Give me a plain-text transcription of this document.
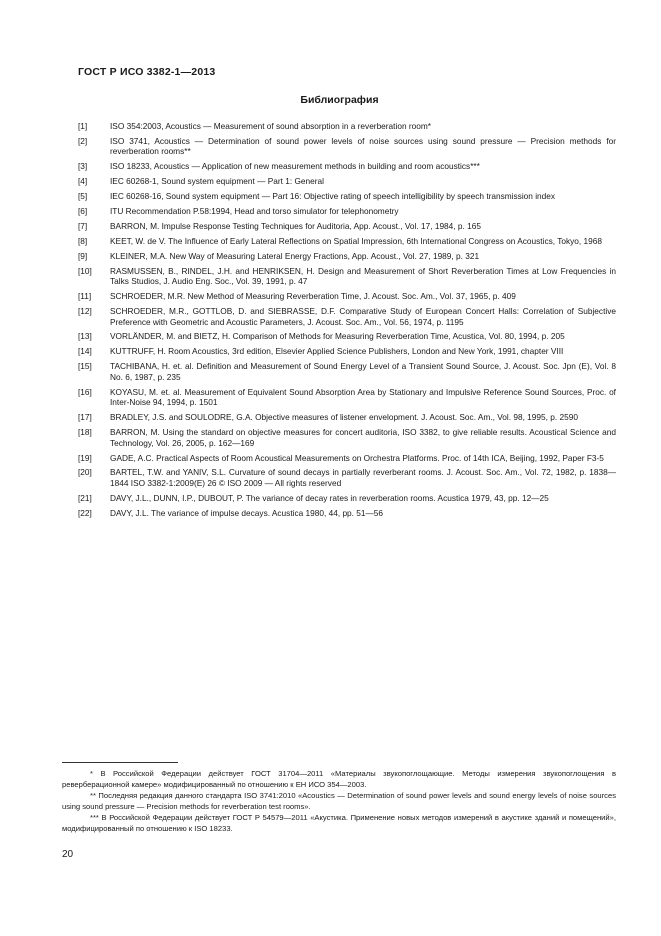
ГОСТ Р ИСО 3382-1—2013
Библиография
[1]	ISO 354:2003, Acoustics — Measurement of sound absorption in a reverberation room*
[2]	ISO 3741, Acoustics — Determination of sound power levels of noise sources using sound pressure — Precision methods for reverberation rooms**
[3]	ISO 18233, Acoustics — Application of new measurement methods in building and room acoustics***
[4]	IEC 60268-1, Sound system equipment — Part 1: General
[5]	IEC 60268-16, Sound system equipment — Part 16: Objective rating of speech intelligibility by speech transmission index
[6]	ITU Recommendation P.58:1994, Head and torso simulator for telephonometry
[7]	BARRON, M. Impulse Response Testing Techniques for Auditoria, App. Acoust., Vol. 17, 1984, p. 165
[8]	KEET, W. de V. The Influence of Early Lateral Reflections on Spatial Impression, 6th International Congress on Acoustics, Tokyo, 1968
[9]	KLEINER, M.A. New Way of Measuring Lateral Energy Fractions, App. Acoust., Vol. 27, 1989, p. 321
[10]	RASMUSSEN, B., RINDEL, J.H. and HENRIKSEN, H. Design and Measurement of Short Reverberation Times at Low Frequencies in Talks Studios, J. Audio Eng. Soc., Vol. 39, 1991, p. 47
[11]	SCHROEDER, M.R. New Method of Measuring Reverberation Time, J. Acoust. Soc. Am., Vol. 37, 1965, p. 409
[12]	SCHROEDER, M.R., GOTTLOB, D. and SIEBRASSE, D.F. Comparative Study of European Concert Halls: Correlation of Subjective Preference with Geometric and Acoustic Parameters, J. Acoust. Soc. Am., Vol. 56, 1974, p. 1195
[13]	VORLÄNDER, M. and BIETZ, H. Comparison of Methods for Measuring Reverberation Time, Acustica, Vol. 80, 1994, p. 205
[14]	KUTTRUFF, H. Room Acoustics, 3rd edition, Elsevier Applied Science Publishers, London and New York, 1991, chapter VIII
[15]	TACHIBANA, H. et. al. Definition and Measurement of Sound Energy Level of a Transient Sound Source, J. Acoust. Soc. Jpn (E), Vol. 8 No. 6, 1987, p. 235
[16]	KOYASU, M. et. al. Measurement of Equivalent Sound Absorption Area by Stationary and Impulsive Reference Sound Sources, Proc. of Inter-Noise 94, 1994, p. 1501
[17]	BRADLEY, J.S. and SOULODRE, G.A. Objective measures of listener envelopment. J. Acoust. Soc. Am., Vol. 98, 1995, p. 2590
[18]	BARRON, M. Using the standard on objective measures for concert auditoria, ISO 3382, to give reliable results. Acoustical Science and Technology, Vol. 26, 2005, p. 162—169
[19]	GADE, A.C. Practical Aspects of Room Acoustical Measurements on Orchestra Platforms. Proc. of 14th ICA, Beijing, 1992, Paper F3-5
[20]	BARTEL, T.W. and YANIV, S.L. Curvature of sound decays in partially reverberant rooms. J. Acoust. Soc. Am., Vol. 72, 1982, p. 1838—1844 ISO 3382-1:2009(E) 26 © ISO 2009 — All rights reserved
[21]	DAVY, J.L., DUNN, I.P., DUBOUT, P. The variance of decay rates in reverberation rooms. Acustica 1979, 43, pp. 12—25
[22]	DAVY, J.L. The variance of impulse decays. Acustica 1980, 44, pp. 51—56

* В Российской Федерации действует ГОСТ 31704—2011 «Материалы звукопоглощающие. Методы измерения звукопоглощения в реверберационной камере» модифицированный по отношению к ЕН ИСО 354—2003.

** Последняя редакция данного стандарта ISO 3741:2010 «Acoustics — Determination of sound power levels and sound energy levels of noise sources using sound pressure — Precision methods for reverberation test rooms».

*** В Российской Федерации действует ГОСТ Р 54579—2011 «Акустика. Применение новых методов измерений в акустике зданий и помещений», модифицированный по отношению к ISO 18233.

20
